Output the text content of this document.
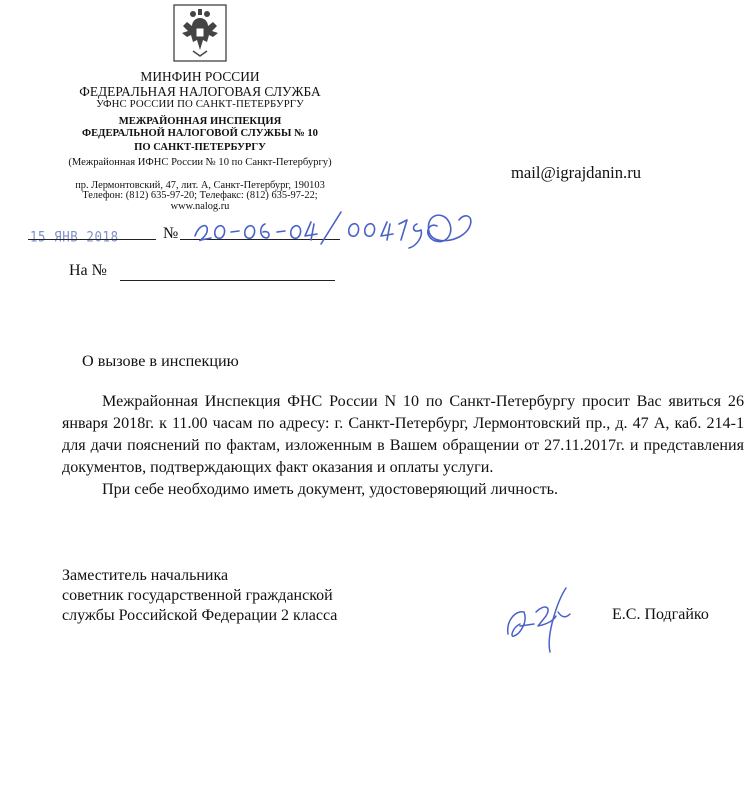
МИНФИН РОССИИ
ФЕДЕРАЛЬНАЯ НАЛОГОВАЯ СЛУЖБА
УФНС РОССИИ ПО САНКТ-ПЕТЕРБУРГУ
МЕЖРАЙОННАЯ ИНСПЕКЦИЯ
ФЕДЕРАЛЬНОЙ НАЛОГОВОЙ СЛУЖБЫ № 10
ПО САНКТ-ПЕТЕРБУРГУ
(Межрайонная ИФНС России № 10 по Санкт-Петербургу)
пр. Лермонтовский, 47, лит. А, Санкт-Петербург, 190103
Телефон: (812) 635-97-20; Телефакс: (812) 635-97-22;
www.nalog.ru
mail@igrajdanin.ru
15 ЯНВ 2018	№
На №
О вызове в инспекцию

Межрайонная Инспекция ФНС России N 10 по Санкт-Петербургу просит Вас явиться 26 января 2018г. к 11.00 часам по адресу: г. Санкт-Петербург, Лермонтовский пр., д. 47 А, каб. 214-1 для дачи пояснений по фактам, изложенным в Вашем обращении от 27.11.2017г. и представления документов, подтверждающих факт оказания и оплаты услуги.

При себе необходимо иметь документ, удостоверяющий личность.

Заместитель начальника
советник государственной гражданской
службы Российской Федерации 2 класса	Е.С. Подгайко
